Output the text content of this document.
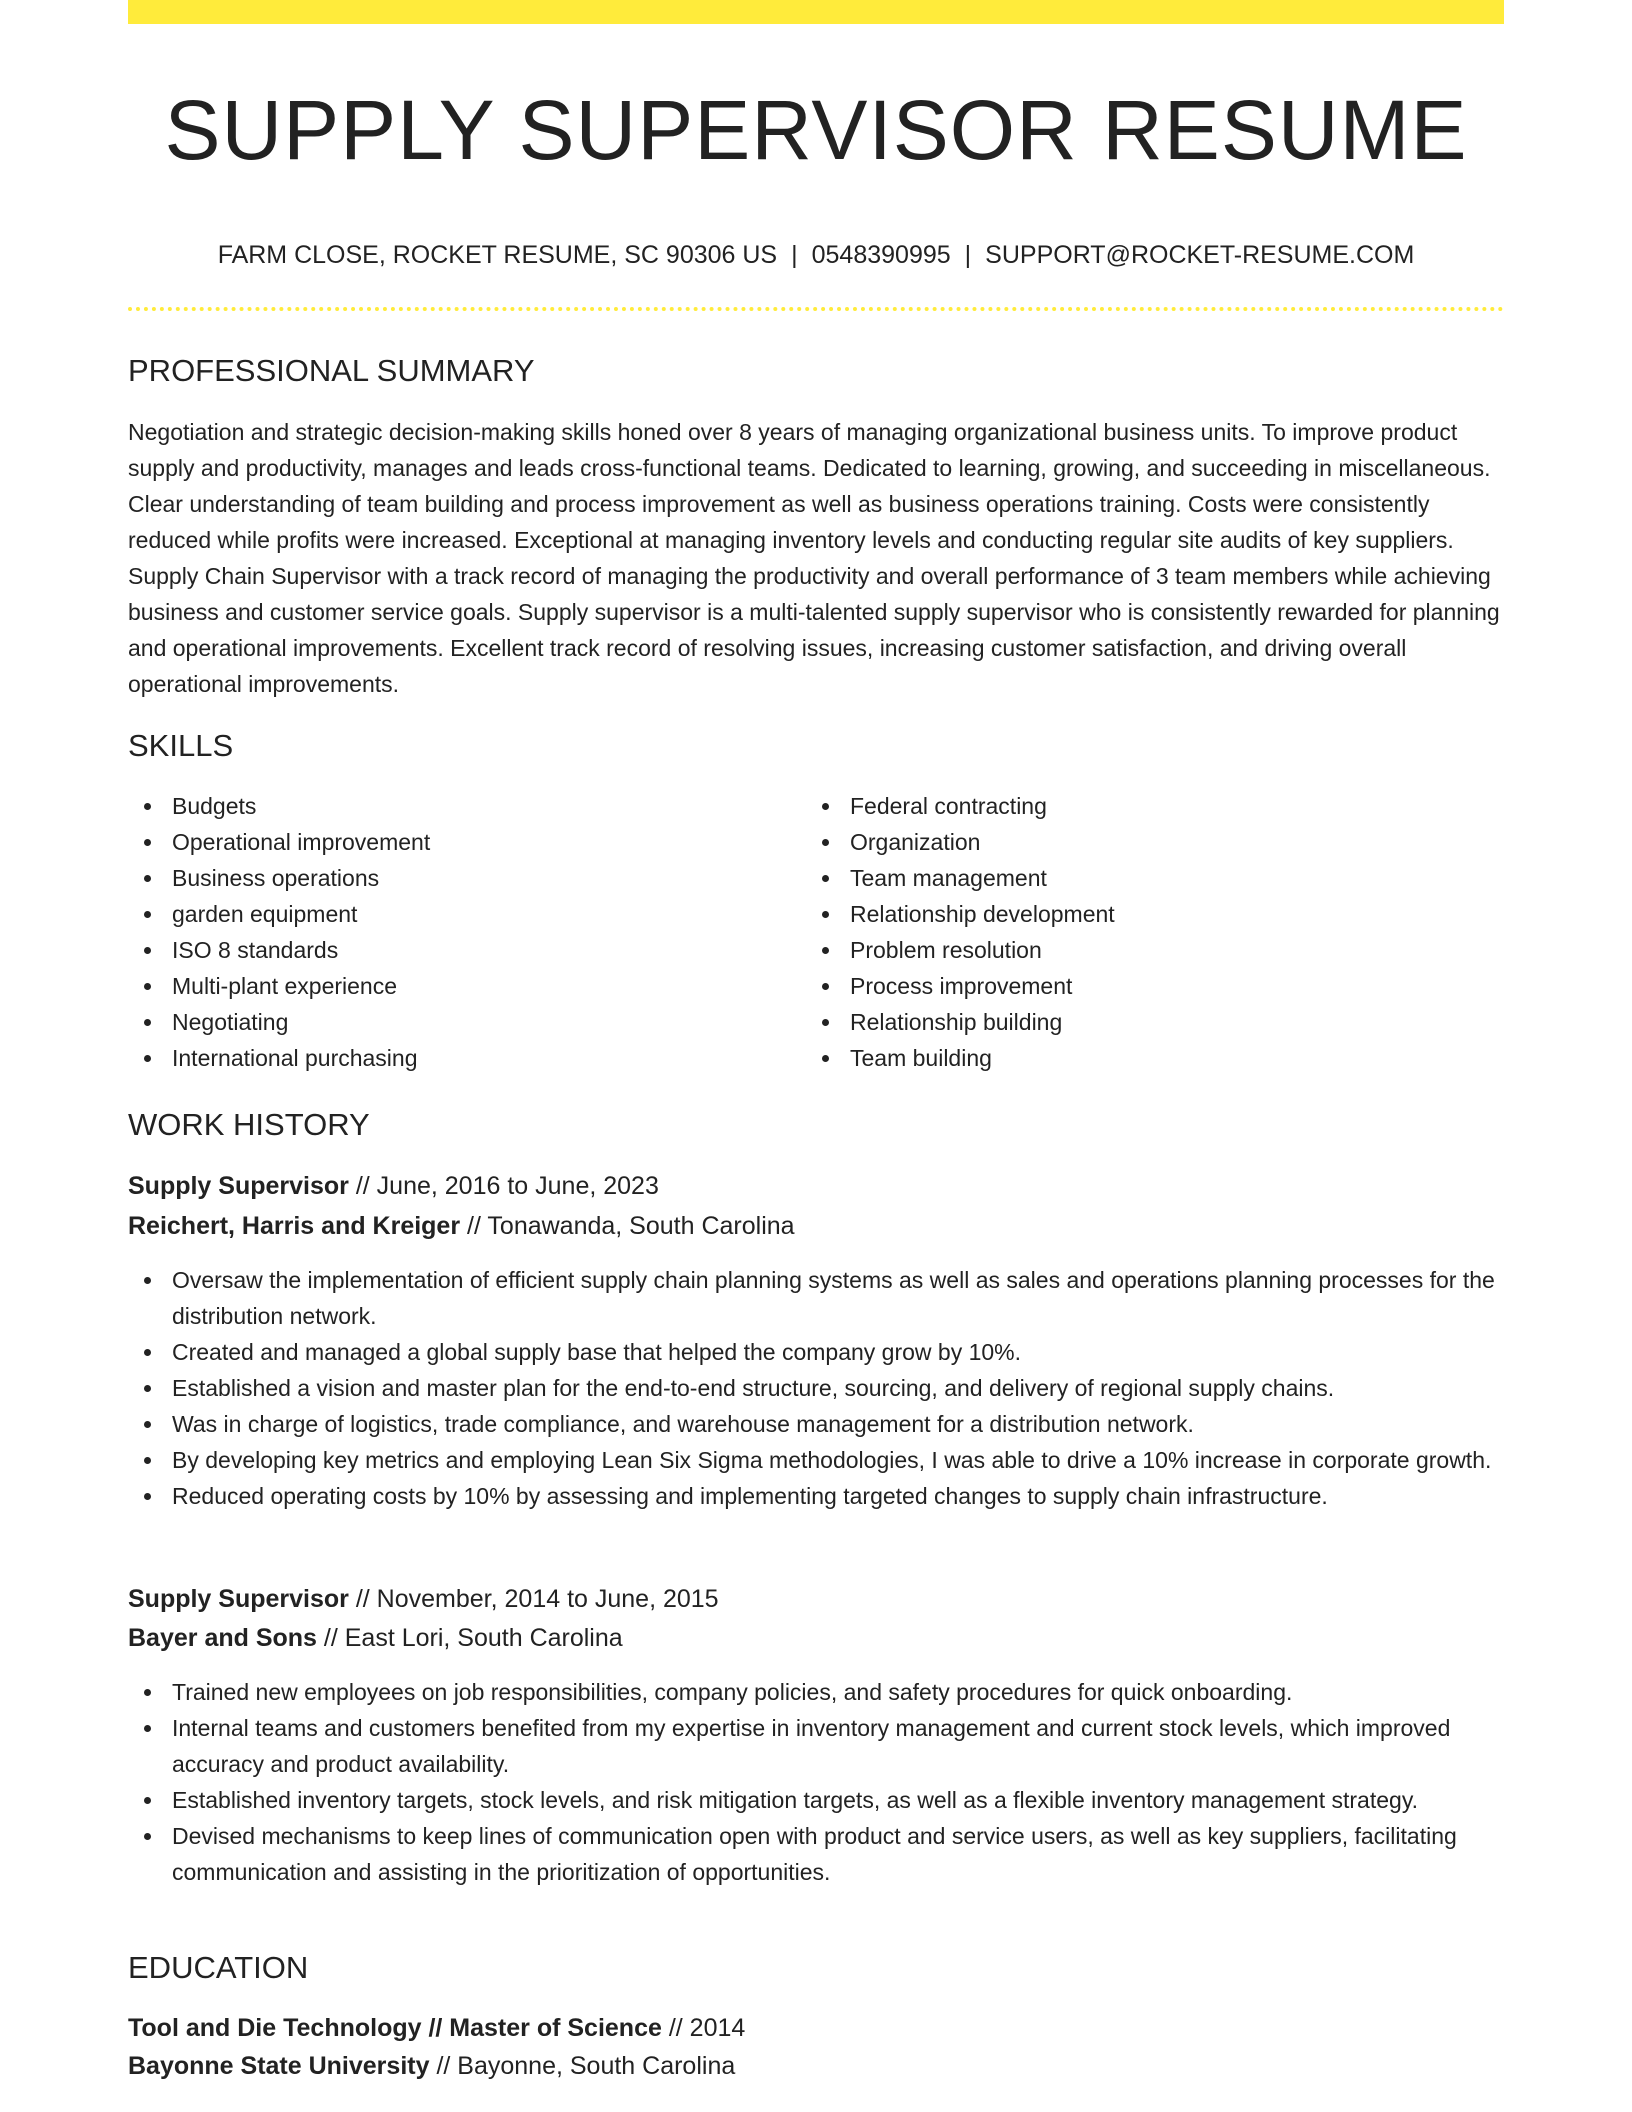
SUPPLY SUPERVISOR RESUME
FARM CLOSE, ROCKET RESUME, SC 90306 US | 0548390995 | SUPPORT@ROCKET-RESUME.COM
PROFESSIONAL SUMMARY

Negotiation and strategic decision-making skills honed over 8 years of managing organizational business units. To improve product supply and productivity, manages and leads cross-functional teams. Dedicated to learning, growing, and succeeding in miscellaneous. Clear understanding of team building and process improvement as well as business operations training. Costs were consistently reduced while profits were increased. Exceptional at managing inventory levels and conducting regular site audits of key suppliers. Supply Chain Supervisor with a track record of managing the productivity and overall performance of 3 team members while achieving business and customer service goals. Supply supervisor is a multi-talented supply supervisor who is consistently rewarded for planning and operational improvements. Excellent track record of resolving issues, increasing customer satisfaction, and driving overall operational improvements.

SKILLS
Budgets
Operational improvement
Business operations
garden equipment
ISO 8 standards
Multi-plant experience
Negotiating
International purchasing
Federal contracting
Organization
Team management
Relationship development
Problem resolution
Process improvement
Relationship building
Team building
WORK HISTORY
Supply Supervisor // June, 2016 to June, 2023
Reichert, Harris and Kreiger // Tonawanda, South Carolina
Oversaw the implementation of efficient supply chain planning systems as well as sales and operations planning processes for the distribution network.
Created and managed a global supply base that helped the company grow by 10%.
Established a vision and master plan for the end-to-end structure, sourcing, and delivery of regional supply chains.
Was in charge of logistics, trade compliance, and warehouse management for a distribution network.
By developing key metrics and employing Lean Six Sigma methodologies, I was able to drive a 10% increase in corporate growth.
Reduced operating costs by 10% by assessing and implementing targeted changes to supply chain infrastructure.
Supply Supervisor // November, 2014 to June, 2015
Bayer and Sons // East Lori, South Carolina
Trained new employees on job responsibilities, company policies, and safety procedures for quick onboarding.
Internal teams and customers benefited from my expertise in inventory management and current stock levels, which improved accuracy and product availability.
Established inventory targets, stock levels, and risk mitigation targets, as well as a flexible inventory management strategy.
Devised mechanisms to keep lines of communication open with product and service users, as well as key suppliers, facilitating communication and assisting in the prioritization of opportunities.
EDUCATION
Tool and Die Technology // Master of Science // 2014
Bayonne State University // Bayonne, South Carolina
